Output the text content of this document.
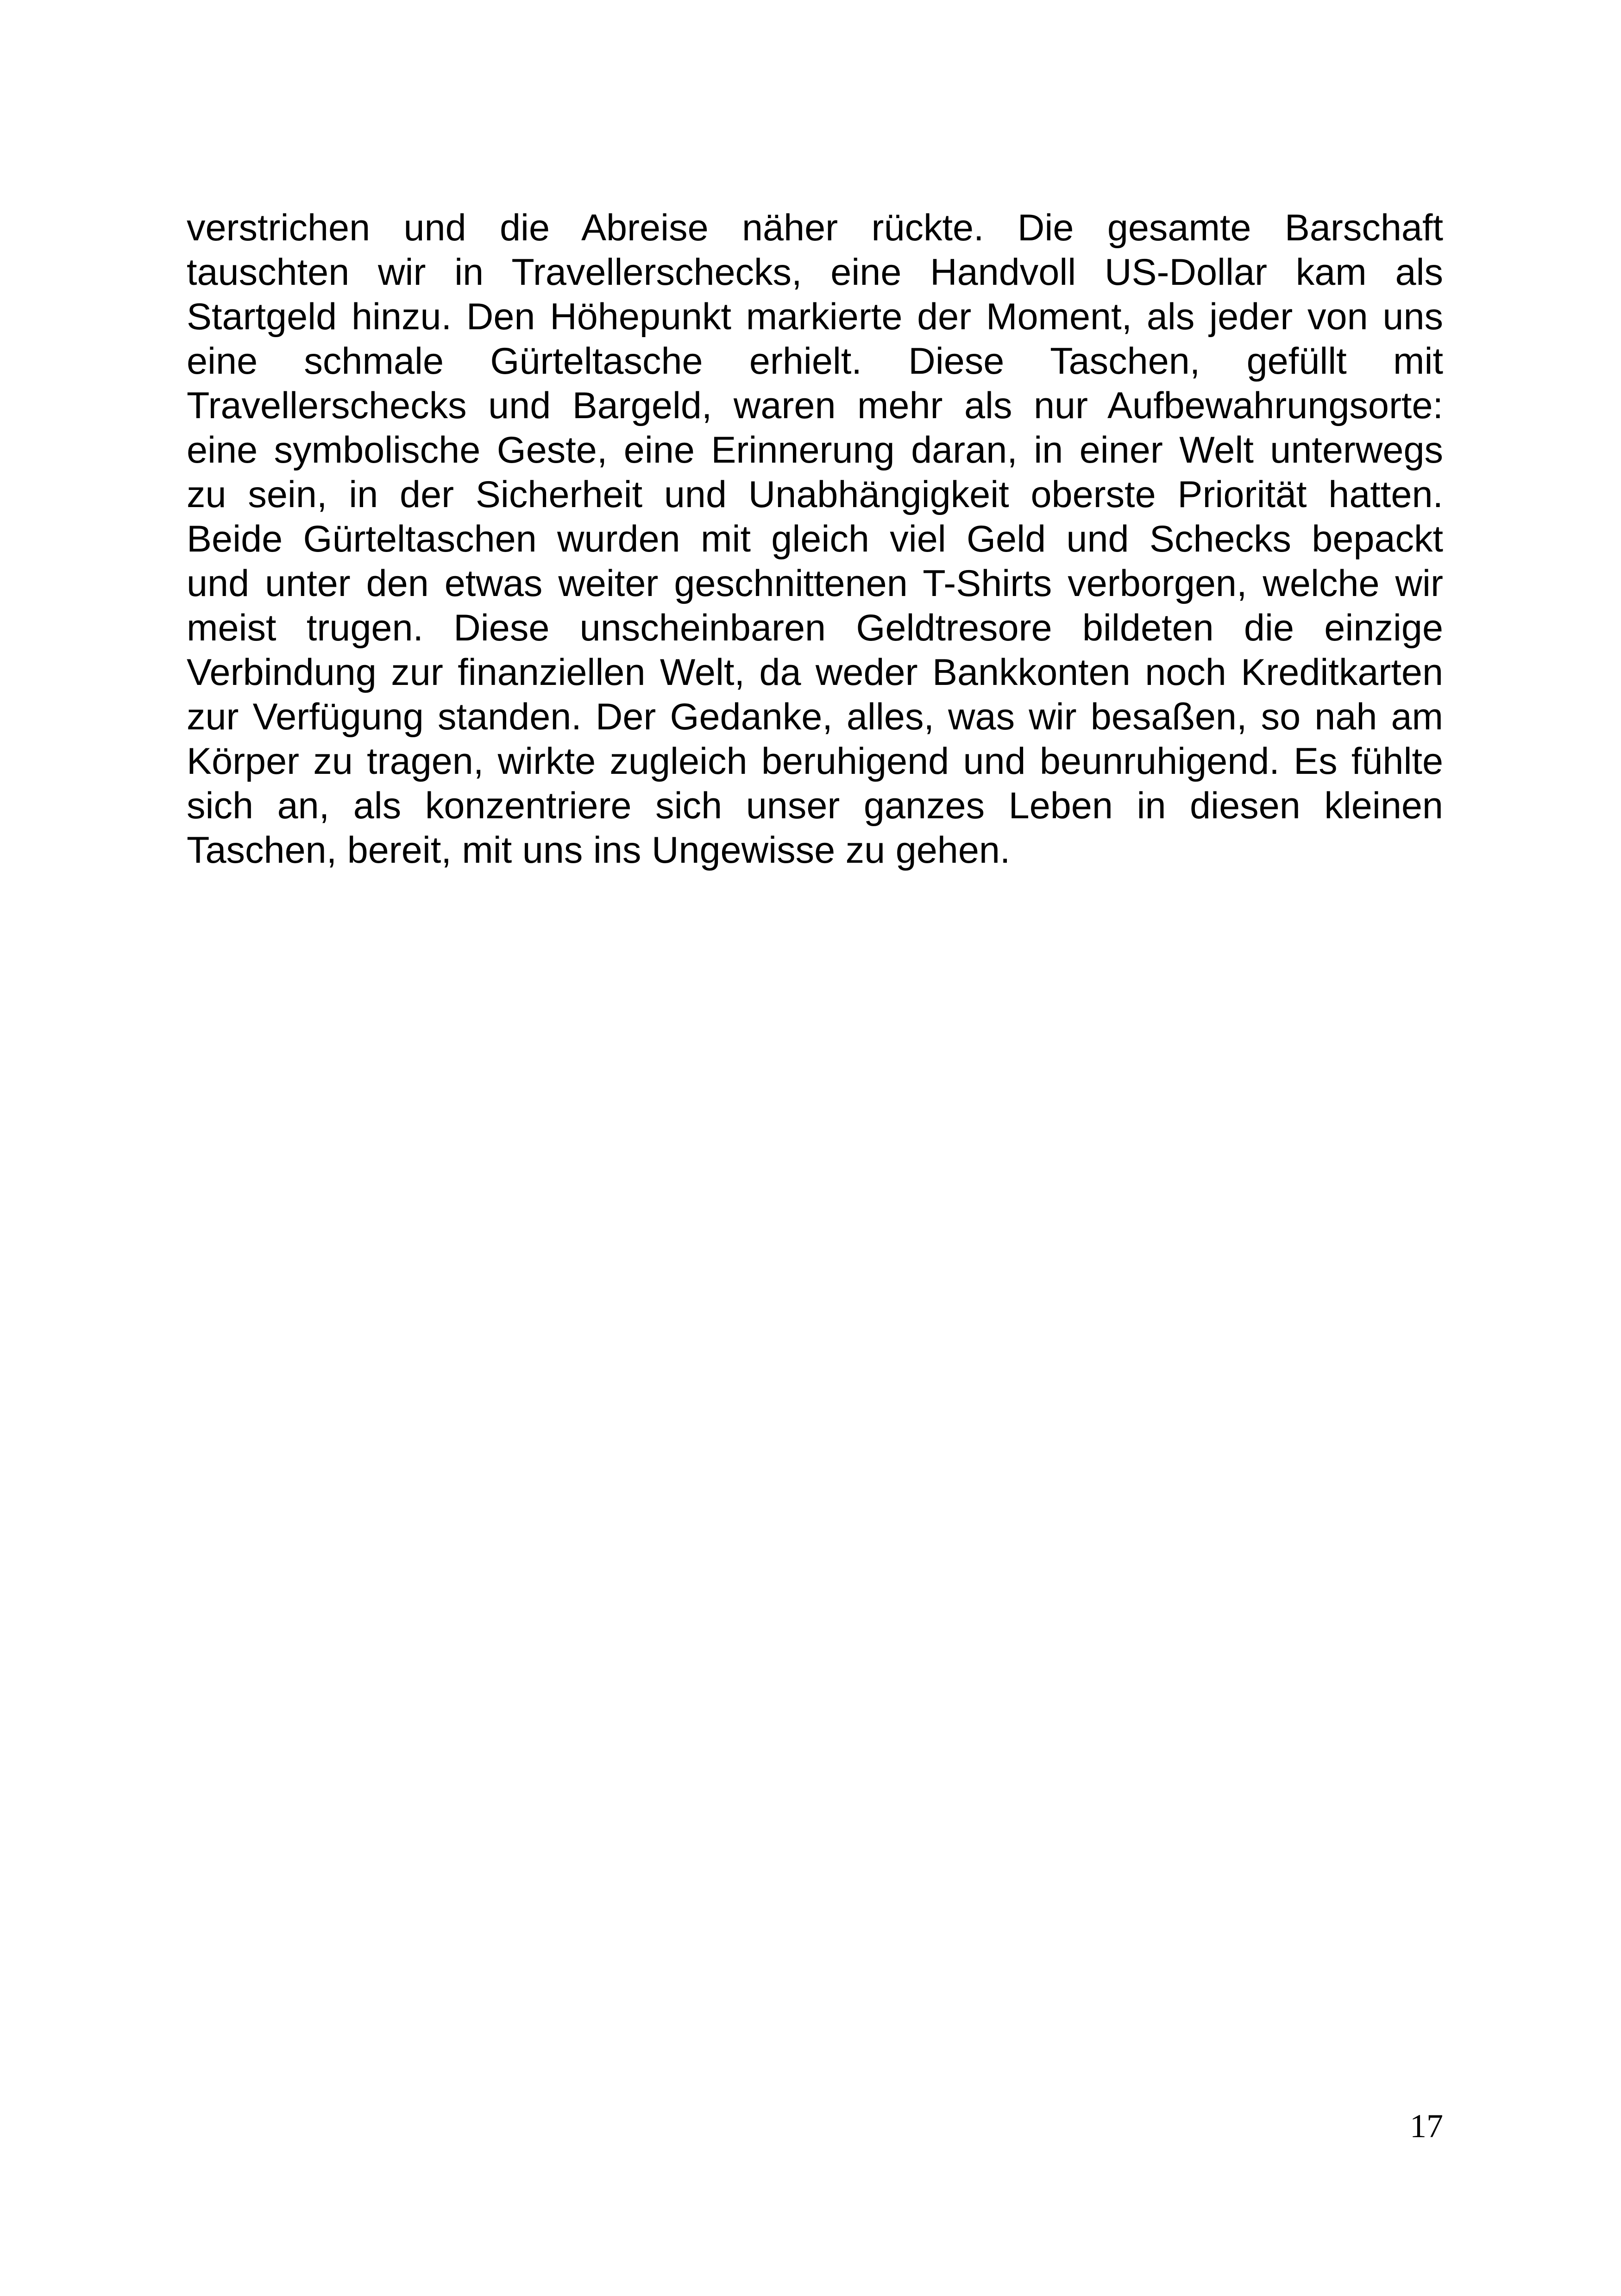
verstrichen und die Abreise näher rückte. Die gesamte Barschaft
tauschten wir in Travellerschecks, eine Handvoll US-Dollar kam als
Startgeld hinzu. Den Höhepunkt markierte der Moment, als jeder von uns
eine schmale Gürteltasche erhielt. Diese Taschen, gefüllt mit
Travellerschecks und Bargeld, waren mehr als nur Aufbewahrungsorte:
eine symbolische Geste, eine Erinnerung daran, in einer Welt unterwegs
zu sein, in der Sicherheit und Unabhängigkeit oberste Priorität hatten.
Beide Gürteltaschen wurden mit gleich viel Geld und Schecks bepackt
und unter den etwas weiter geschnittenen T-Shirts verborgen, welche wir
meist trugen. Diese unscheinbaren Geldtresore bildeten die einzige
Verbindung zur finanziellen Welt, da weder Bankkonten noch Kreditkarten
zur Verfügung standen. Der Gedanke, alles, was wir besaßen, so nah am
Körper zu tragen, wirkte zugleich beruhigend und beunruhigend. Es fühlte
sich an, als konzentriere sich unser ganzes Leben in diesen kleinen
Taschen, bereit, mit uns ins Ungewisse zu gehen.
17
